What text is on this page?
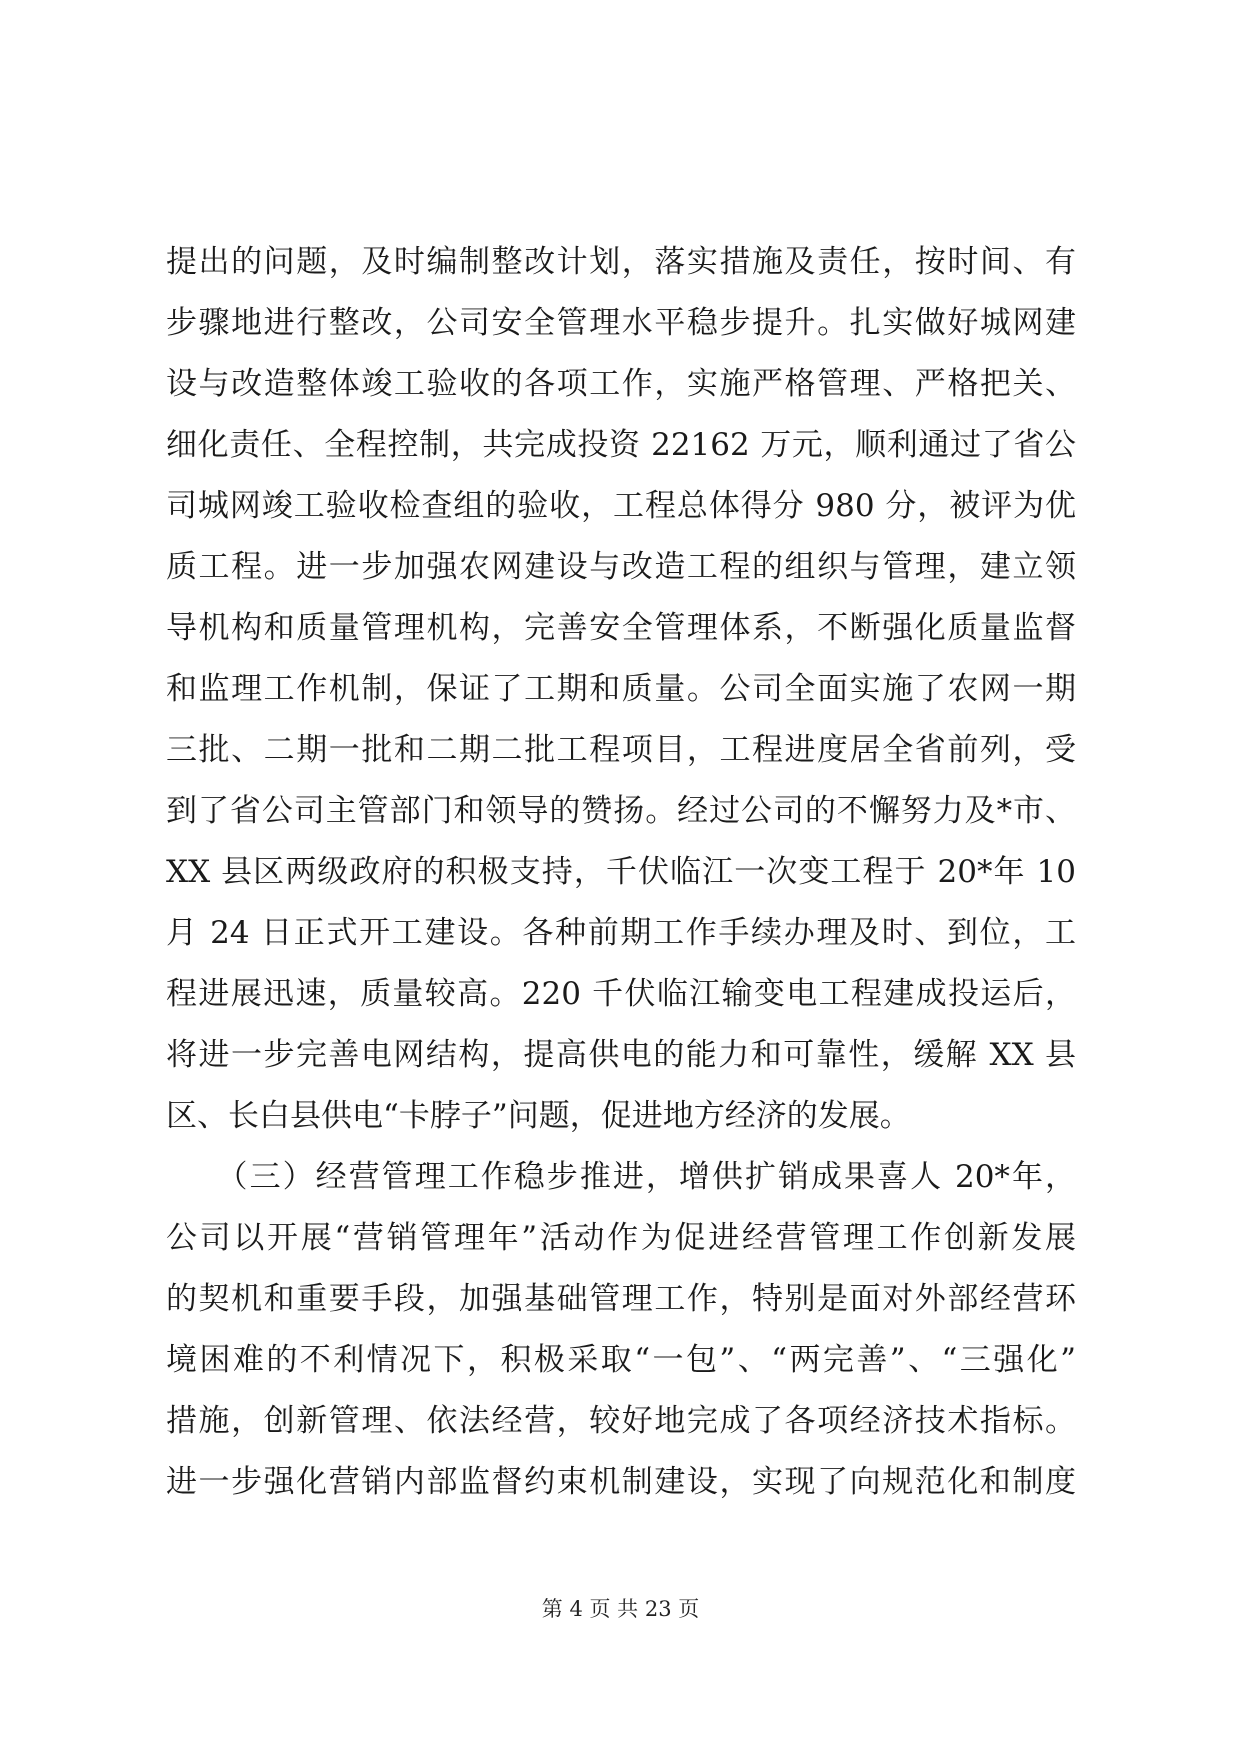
提出的问题，及时编制整改计划，落实措施及责任，按时间、有
步骤地进行整改，公司安全管理水平稳步提升。扎实做好城网建
设与改造整体竣工验收的各项工作，实施严格管理、严格把关、
细化责任、全程控制，共完成投资 22162 万元，顺利通过了省公
司城网竣工验收检查组的验收，工程总体得分 980 分，被评为优
质工程。进一步加强农网建设与改造工程的组织与管理，建立领
导机构和质量管理机构，完善安全管理体系，不断强化质量监督
和监理工作机制，保证了工期和质量。公司全面实施了农网一期
三批、二期一批和二期二批工程项目，工程进度居全省前列，受
到了省公司主管部门和领导的赞扬。经过公司的不懈努力及*市、
XX 县区两级政府的积极支持，千伏临江一次变工程于 20*年 10
月 24 日正式开工建设。各种前期工作手续办理及时、到位，工
程进展迅速，质量较高。220 千伏临江输变电工程建成投运后，
将进一步完善电网结构，提高供电的能力和可靠性，缓解 XX 县
区、长白县供电“卡脖子”问题，促进地方经济的发展。
　　（三）经营管理工作稳步推进，增供扩销成果喜人 20*年，
公司以开展“营销管理年”活动作为促进经营管理工作创新发展
的契机和重要手段，加强基础管理工作，特别是面对外部经营环
境困难的不利情况下，积极采取“一包”、“两完善”、“三强化”
措施，创新管理、依法经营，较好地完成了各项经济技术指标。
进一步强化营销内部监督约束机制建设，实现了向规范化和制度
第 4 页 共 23 页
